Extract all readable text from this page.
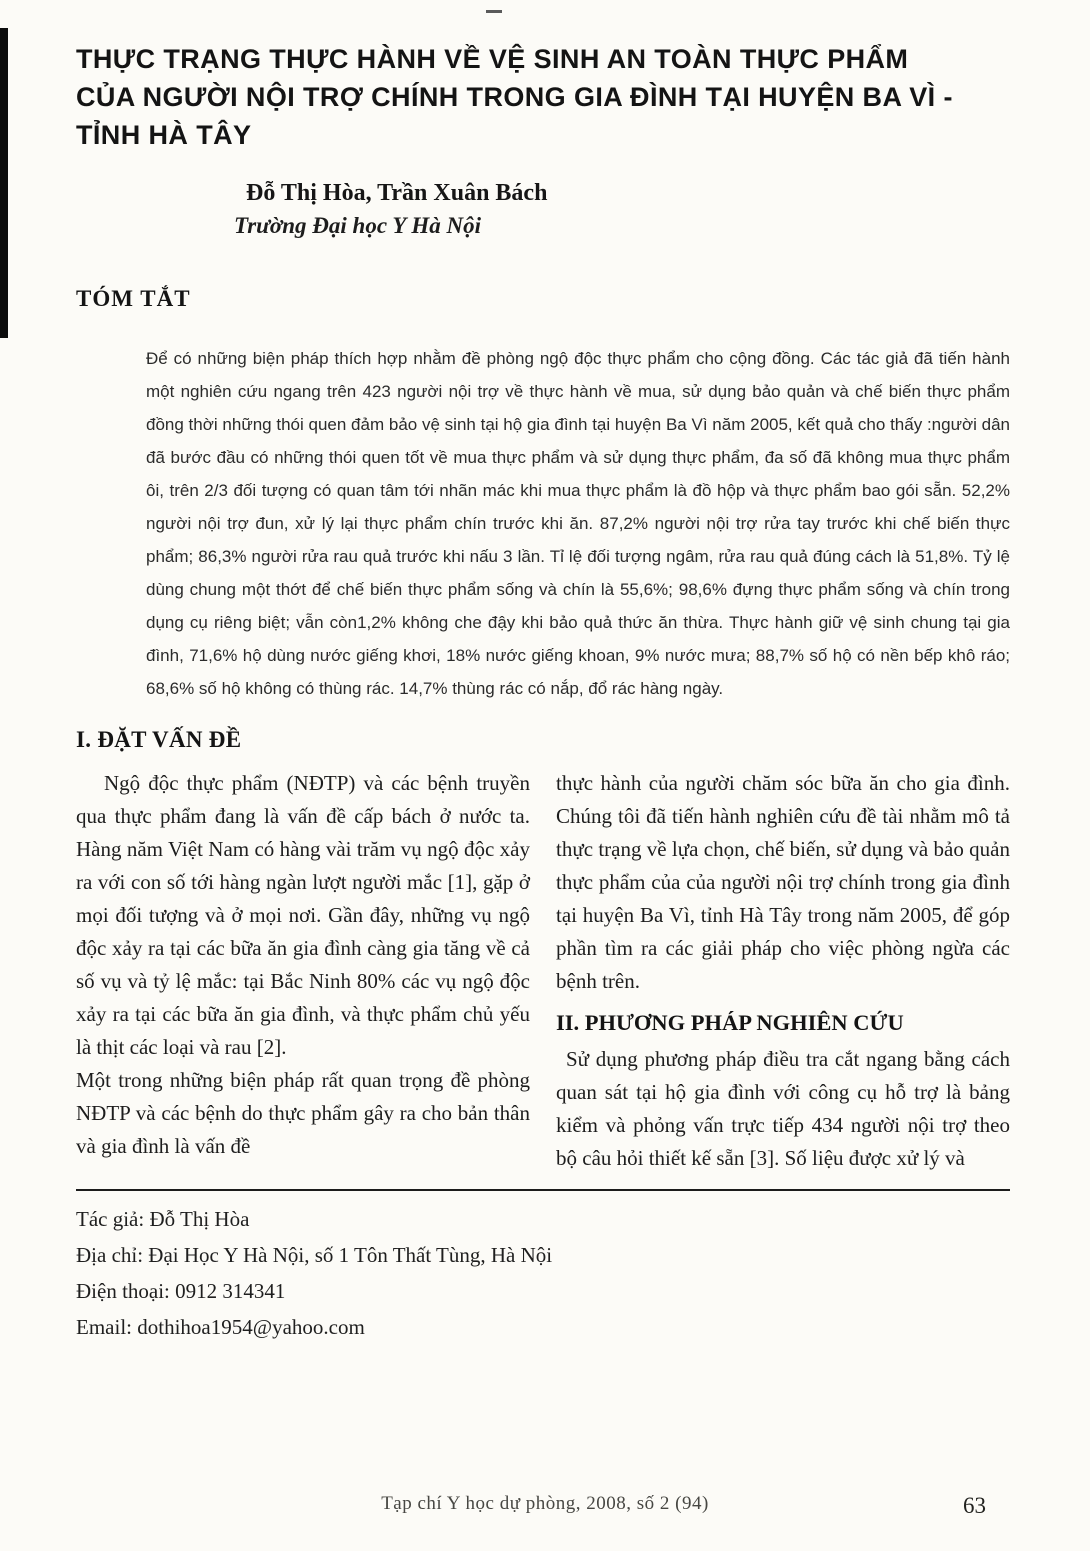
THỰC TRẠNG THỰC HÀNH VỀ VỆ SINH AN TOÀN THỰC PHẨM
CỦA NGƯỜI NỘI TRỢ CHÍNH TRONG GIA ĐÌNH TẠI HUYỆN BA VÌ -
TỈNH HÀ TÂY
Đỗ Thị Hòa, Trần Xuân Bách
Trường Đại học Y Hà Nội
TÓM TẮT

Để có những biện pháp thích hợp nhằm đề phòng ngộ độc thực phẩm cho cộng đồng. Các tác giả đã tiến hành một nghiên cứu ngang trên 423 người nội trợ về thực hành về mua, sử dụng bảo quản và chế biến thực phẩm đồng thời những thói quen đảm bảo vệ sinh tại hộ gia đình tại huyện Ba Vì năm 2005, kết quả cho thấy :người dân đã bước đầu có những thói quen tốt về mua thực phẩm và sử dụng thực phẩm, đa số đã không mua thực phẩm ôi, trên 2/3 đối tượng có quan tâm tới nhãn mác khi mua thực phẩm là đồ hộp và thực phẩm bao gói sẵn. 52,2% người nội trợ đun, xử lý lại thực phẩm chín trước khi ăn. 87,2% người nội trợ rửa tay trước khi chế biến thực phẩm; 86,3% người rửa rau quả trước khi nấu 3 lần. Tỉ lệ đối tượng ngâm, rửa rau quả đúng cách là 51,8%. Tỷ lệ dùng chung một thớt để chế biến thực phẩm sống và chín là 55,6%; 98,6% đựng thực phẩm sống và chín trong dụng cụ riêng biệt; vẫn còn1,2% không che đậy khi bảo quả thức ăn thừa. Thực hành giữ vệ sinh chung tại gia đình, 71,6% hộ dùng nước giếng khơi, 18% nước giếng khoan, 9% nước mưa; 88,7% số hộ có nền bếp khô ráo; 68,6% số hộ không có thùng rác. 14,7% thùng rác có nắp, đổ rác hàng ngày.

I. ĐẶT VẤN ĐỀ

Ngộ độc thực phẩm (NĐTP) và các bệnh truyền qua thực phẩm đang là vấn đề cấp bách ở nước ta. Hàng năm Việt Nam có hàng vài trăm vụ ngộ độc xảy ra với con số tới hàng ngàn lượt người mắc [1], gặp ở mọi đối tượng và ở mọi nơi. Gần đây, những vụ ngộ độc xảy ra tại các bữa ăn gia đình càng gia tăng về cả số vụ và tỷ lệ mắc: tại Bắc Ninh 80% các vụ ngộ độc xảy ra tại các bữa ăn gia đình, và thực phẩm chủ yếu là thịt các loại và rau [2].

Một trong những biện pháp rất quan trọng đề phòng NĐTP và các bệnh do thực phẩm gây ra cho bản thân và gia đình là vấn đề

thực hành của người chăm sóc bữa ăn cho gia đình. Chúng tôi đã tiến hành nghiên cứu đề tài nhằm mô tả thực trạng về lựa chọn, chế biến, sử dụng và bảo quản thực phẩm của của người nội trợ chính trong gia đình tại huyện Ba Vì, tỉnh Hà Tây trong năm 2005, để góp phần tìm ra các giải pháp cho việc phòng ngừa các bệnh trên.

II. PHƯƠNG PHÁP NGHIÊN CỨU

Sử dụng phương pháp điều tra cắt ngang bằng cách quan sát tại hộ gia đình với công cụ hỗ trợ là bảng kiểm và phỏng vấn trực tiếp 434 người nội trợ theo bộ câu hỏi thiết kế sẵn [3]. Số liệu được xử lý và

Tác giả: Đỗ Thị Hòa
Địa chỉ: Đại Học Y Hà Nội, số 1 Tôn Thất Tùng, Hà Nội
Điện thoại: 0912 314341
Email: dothihoa1954@yahoo.com
Tạp chí Y học dự phòng, 2008, số 2 (94)	63
